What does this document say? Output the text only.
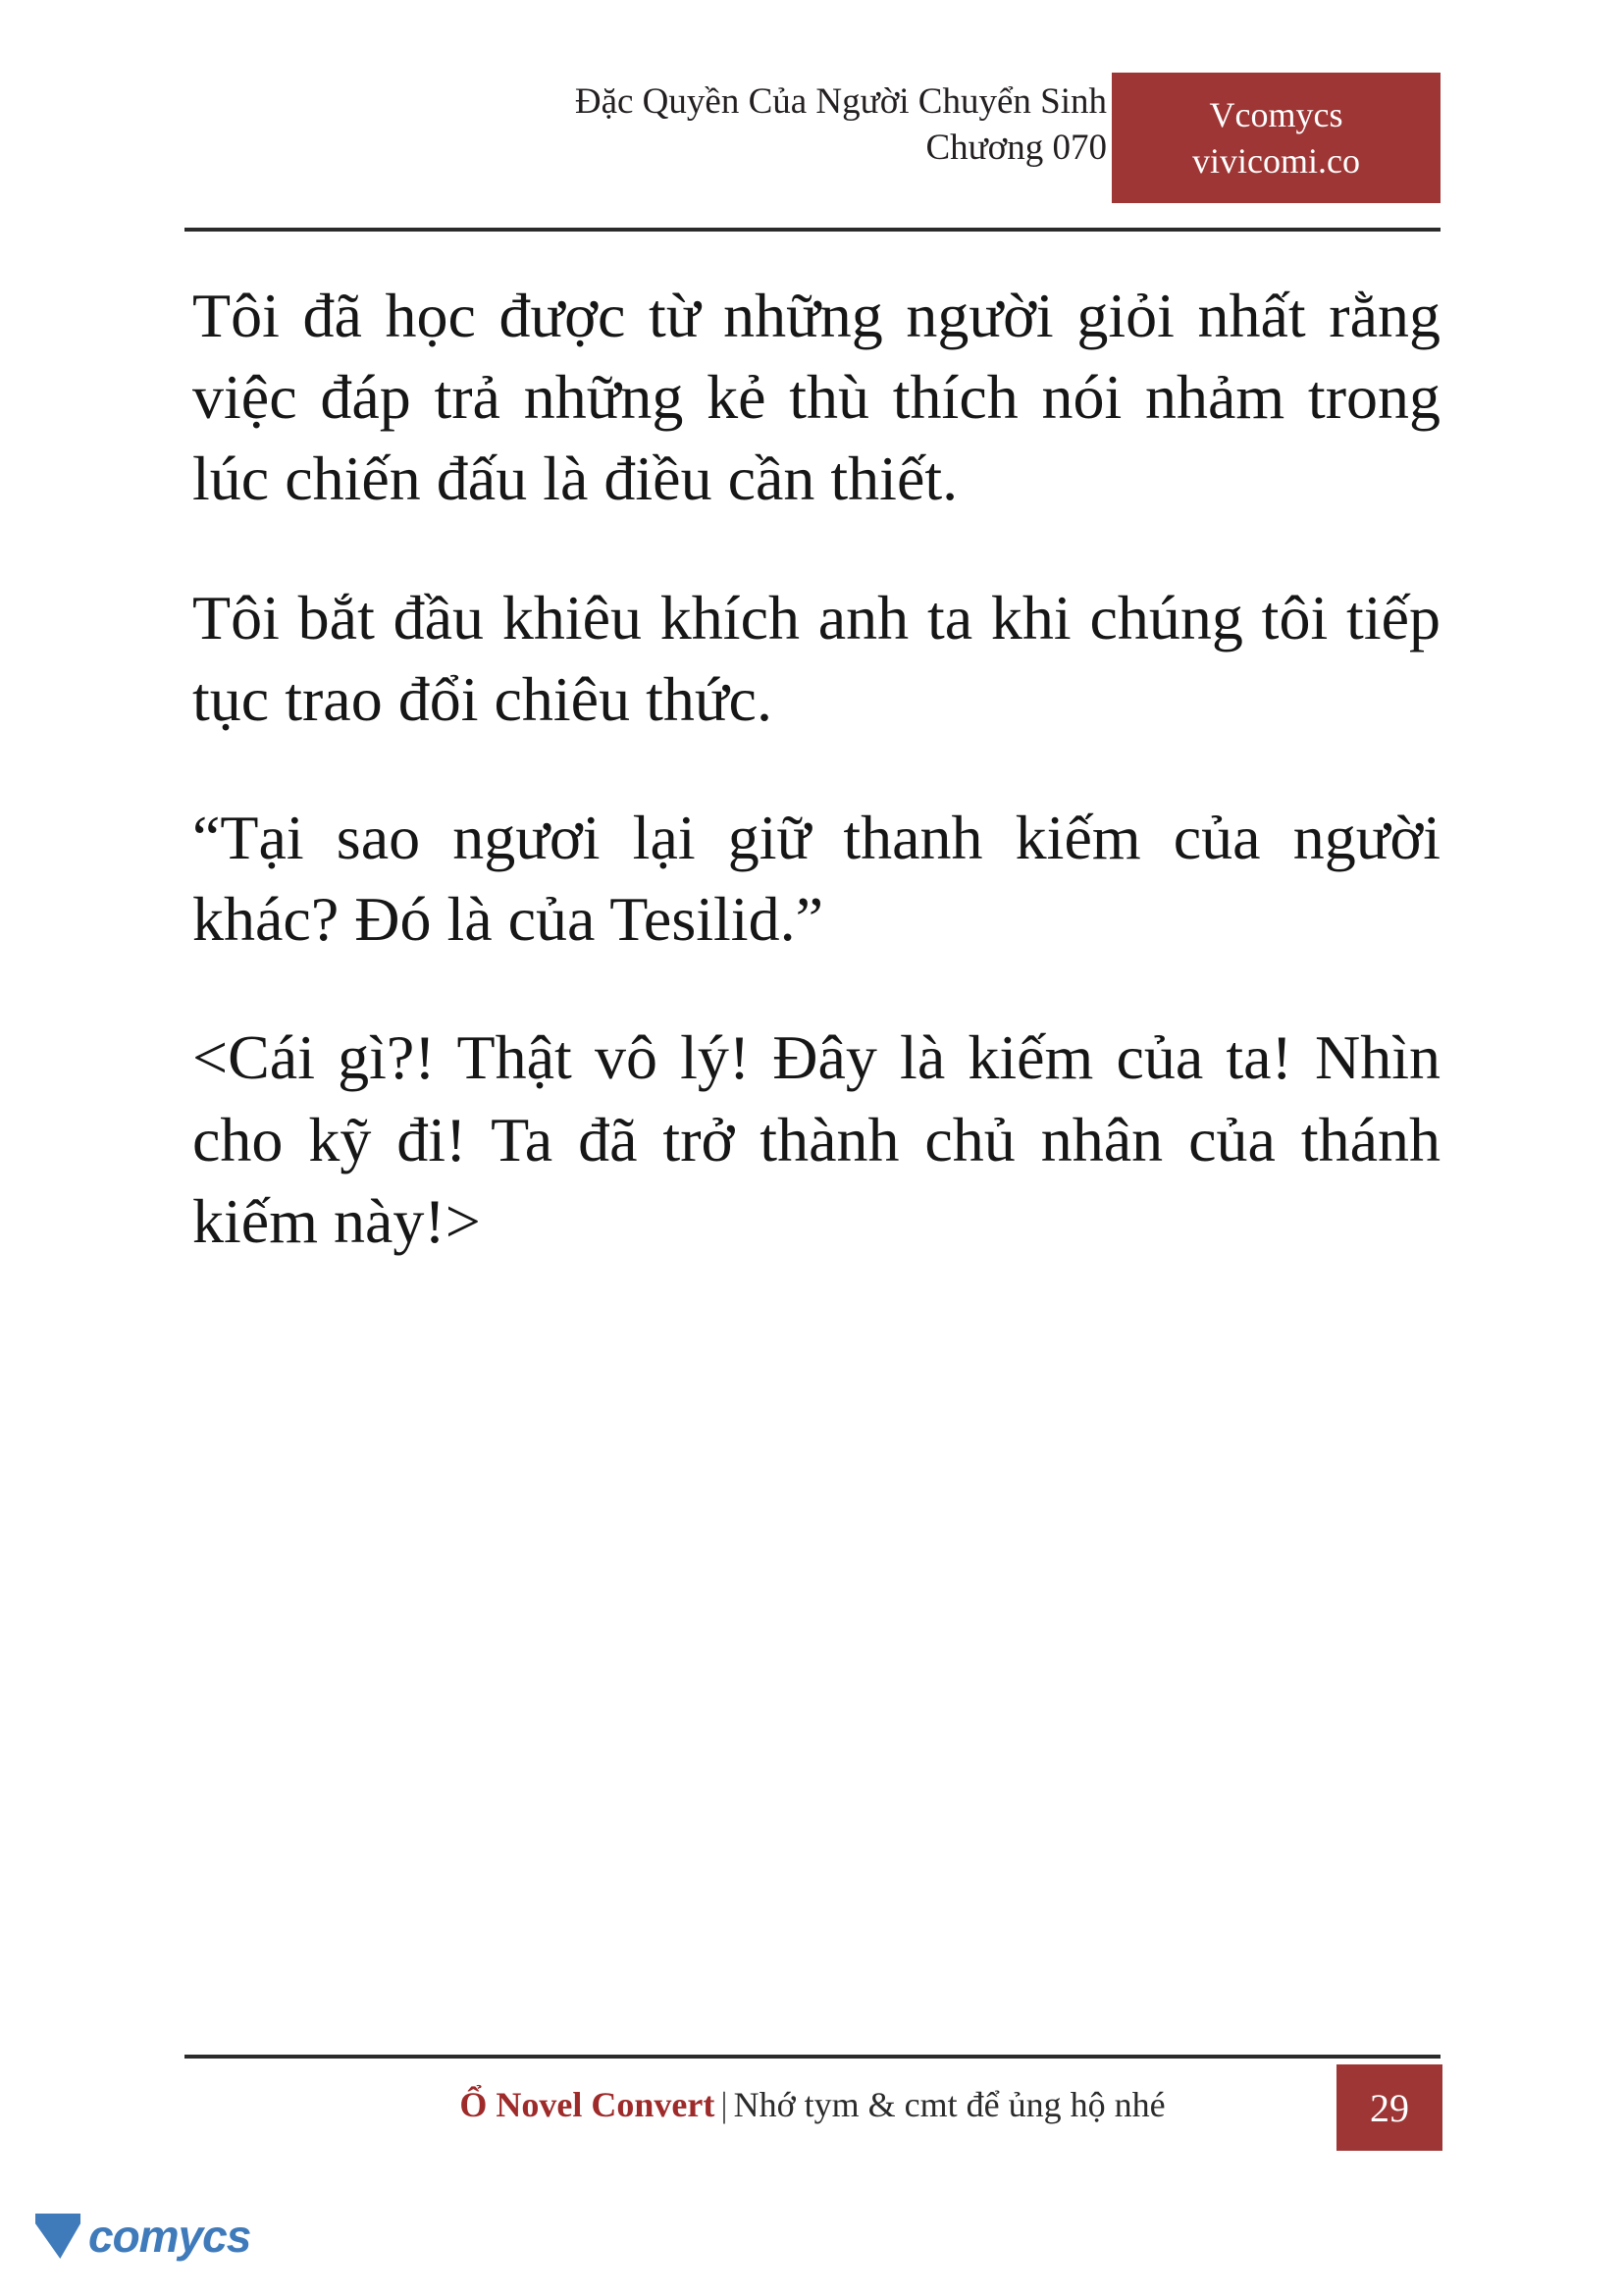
Đặc Quyền Của Người Chuyển Sinh
Chương 070
Vcomycs
vivicomi.co

Tôi đã học được từ những người giỏi nhất rằng việc đáp trả những kẻ thù thích nói nhảm trong lúc chiến đấu là điều cần thiết.

Tôi bắt đầu khiêu khích anh ta khi chúng tôi tiếp tục trao đổi chiêu thức.

“Tại sao ngươi lại giữ thanh kiếm của người khác? Đó là của Tesilid.”

<Cái gì?! Thật vô lý! Đây là kiếm của ta! Nhìn cho kỹ đi! Ta đã trở thành chủ nhân của thánh kiếm này!>

Ổ Novel Convert | Nhớ tym & cmt để ủng hộ nhé	29
comycs
